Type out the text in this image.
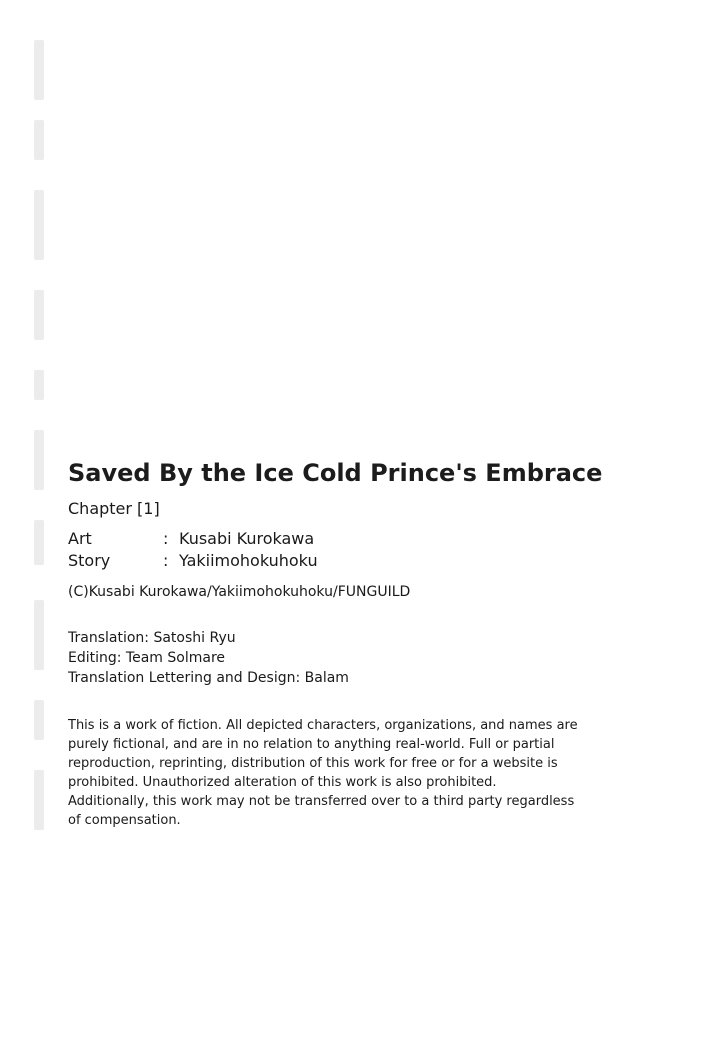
Saved By the Ice Cold Prince's Embrace
Chapter [1]
Art	: Kusabi Kurokawa
Story	: Yakiimohokuhoku
(C)Kusabi Kurokawa/Yakiimohokuhoku/FUNGUILD
Translation: Satoshi Ryu
Editing: Team Solmare
Translation Lettering and Design: Balam
This is a work of fiction. All depicted characters, organizations, and names are
purely fictional, and are in no relation to anything real-world. Full or partial
reproduction, reprinting, distribution of this work for free or for a website is
prohibited. Unauthorized alteration of this work is also prohibited.
Additionally, this work may not be transferred over to a third party regardless
of compensation.
